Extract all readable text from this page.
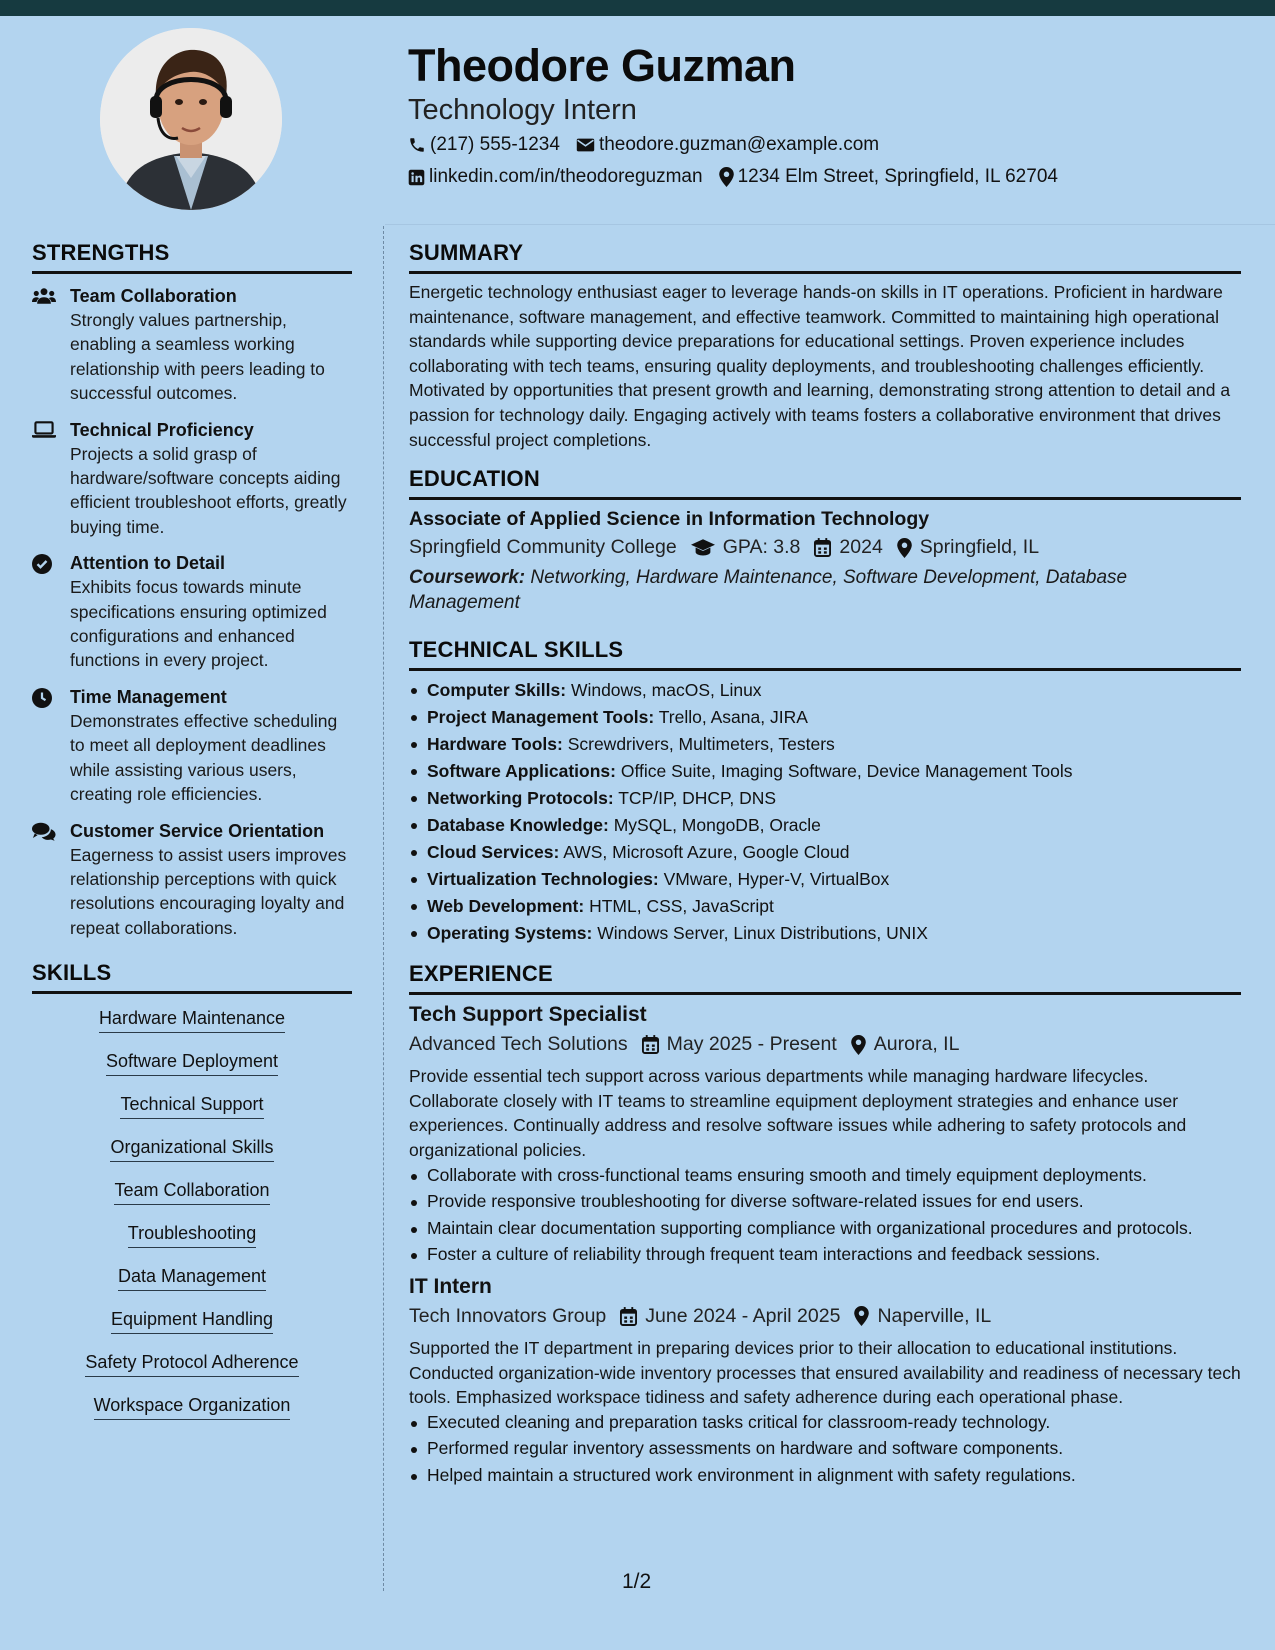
Theodore Guzman
Technology Intern
(217) 555-1234 theodore.guzman@example.com
linkedin.com/in/theodoreguzman 1234 Elm Street, Springfield, IL 62704
STRENGTHS
Team Collaboration
Strongly values partnership, enabling a seamless working relationship with peers leading to successful outcomes.
Technical Proficiency
Projects a solid grasp of hardware/software concepts aiding efficient troubleshoot efforts, greatly buying time.
Attention to Detail
Exhibits focus towards minute specifications ensuring optimized configurations and enhanced functions in every project.
Time Management
Demonstrates effective scheduling to meet all deployment deadlines while assisting various users, creating role efficiencies.
Customer Service Orientation
Eagerness to assist users improves relationship perceptions with quick resolutions encouraging loyalty and repeat collaborations.
SKILLS
Hardware Maintenance
Software Deployment
Technical Support
Organizational Skills
Team Collaboration
Troubleshooting
Data Management
Equipment Handling
Safety Protocol Adherence
Workspace Organization
SUMMARY
Energetic technology enthusiast eager to leverage hands-on skills in IT operations. Proficient in hardware maintenance, software management, and effective teamwork. Committed to maintaining high operational standards while supporting device preparations for educational settings. Proven experience includes collaborating with tech teams, ensuring quality deployments, and troubleshooting challenges efficiently. Motivated by opportunities that present growth and learning, demonstrating strong attention to detail and a passion for technology daily. Engaging actively with teams fosters a collaborative environment that drives successful project completions.
EDUCATION
Associate of Applied Science in Information Technology
Springfield Community College GPA: 3.8 2024 Springfield, IL
Coursework: Networking, Hardware Maintenance, Software Development, Database Management
TECHNICAL SKILLS
Computer Skills: Windows, macOS, Linux
Project Management Tools: Trello, Asana, JIRA
Hardware Tools: Screwdrivers, Multimeters, Testers
Software Applications: Office Suite, Imaging Software, Device Management Tools
Networking Protocols: TCP/IP, DHCP, DNS
Database Knowledge: MySQL, MongoDB, Oracle
Cloud Services: AWS, Microsoft Azure, Google Cloud
Virtualization Technologies: VMware, Hyper-V, VirtualBox
Web Development: HTML, CSS, JavaScript
Operating Systems: Windows Server, Linux Distributions, UNIX
EXPERIENCE
Tech Support Specialist
Advanced Tech Solutions May 2025 - Present Aurora, IL
Provide essential tech support across various departments while managing hardware lifecycles. Collaborate closely with IT teams to streamline equipment deployment strategies and enhance user experiences. Continually address and resolve software issues while adhering to safety protocols and organizational policies.
Collaborate with cross-functional teams ensuring smooth and timely equipment deployments.
Provide responsive troubleshooting for diverse software-related issues for end users.
Maintain clear documentation supporting compliance with organizational procedures and protocols.
Foster a culture of reliability through frequent team interactions and feedback sessions.
IT Intern
Tech Innovators Group June 2024 - April 2025 Naperville, IL
Supported the IT department in preparing devices prior to their allocation to educational institutions. Conducted organization-wide inventory processes that ensured availability and readiness of necessary tech tools. Emphasized workspace tidiness and safety adherence during each operational phase.
Executed cleaning and preparation tasks critical for classroom-ready technology.
Performed regular inventory assessments on hardware and software components.
Helped maintain a structured work environment in alignment with safety regulations.
1/2
